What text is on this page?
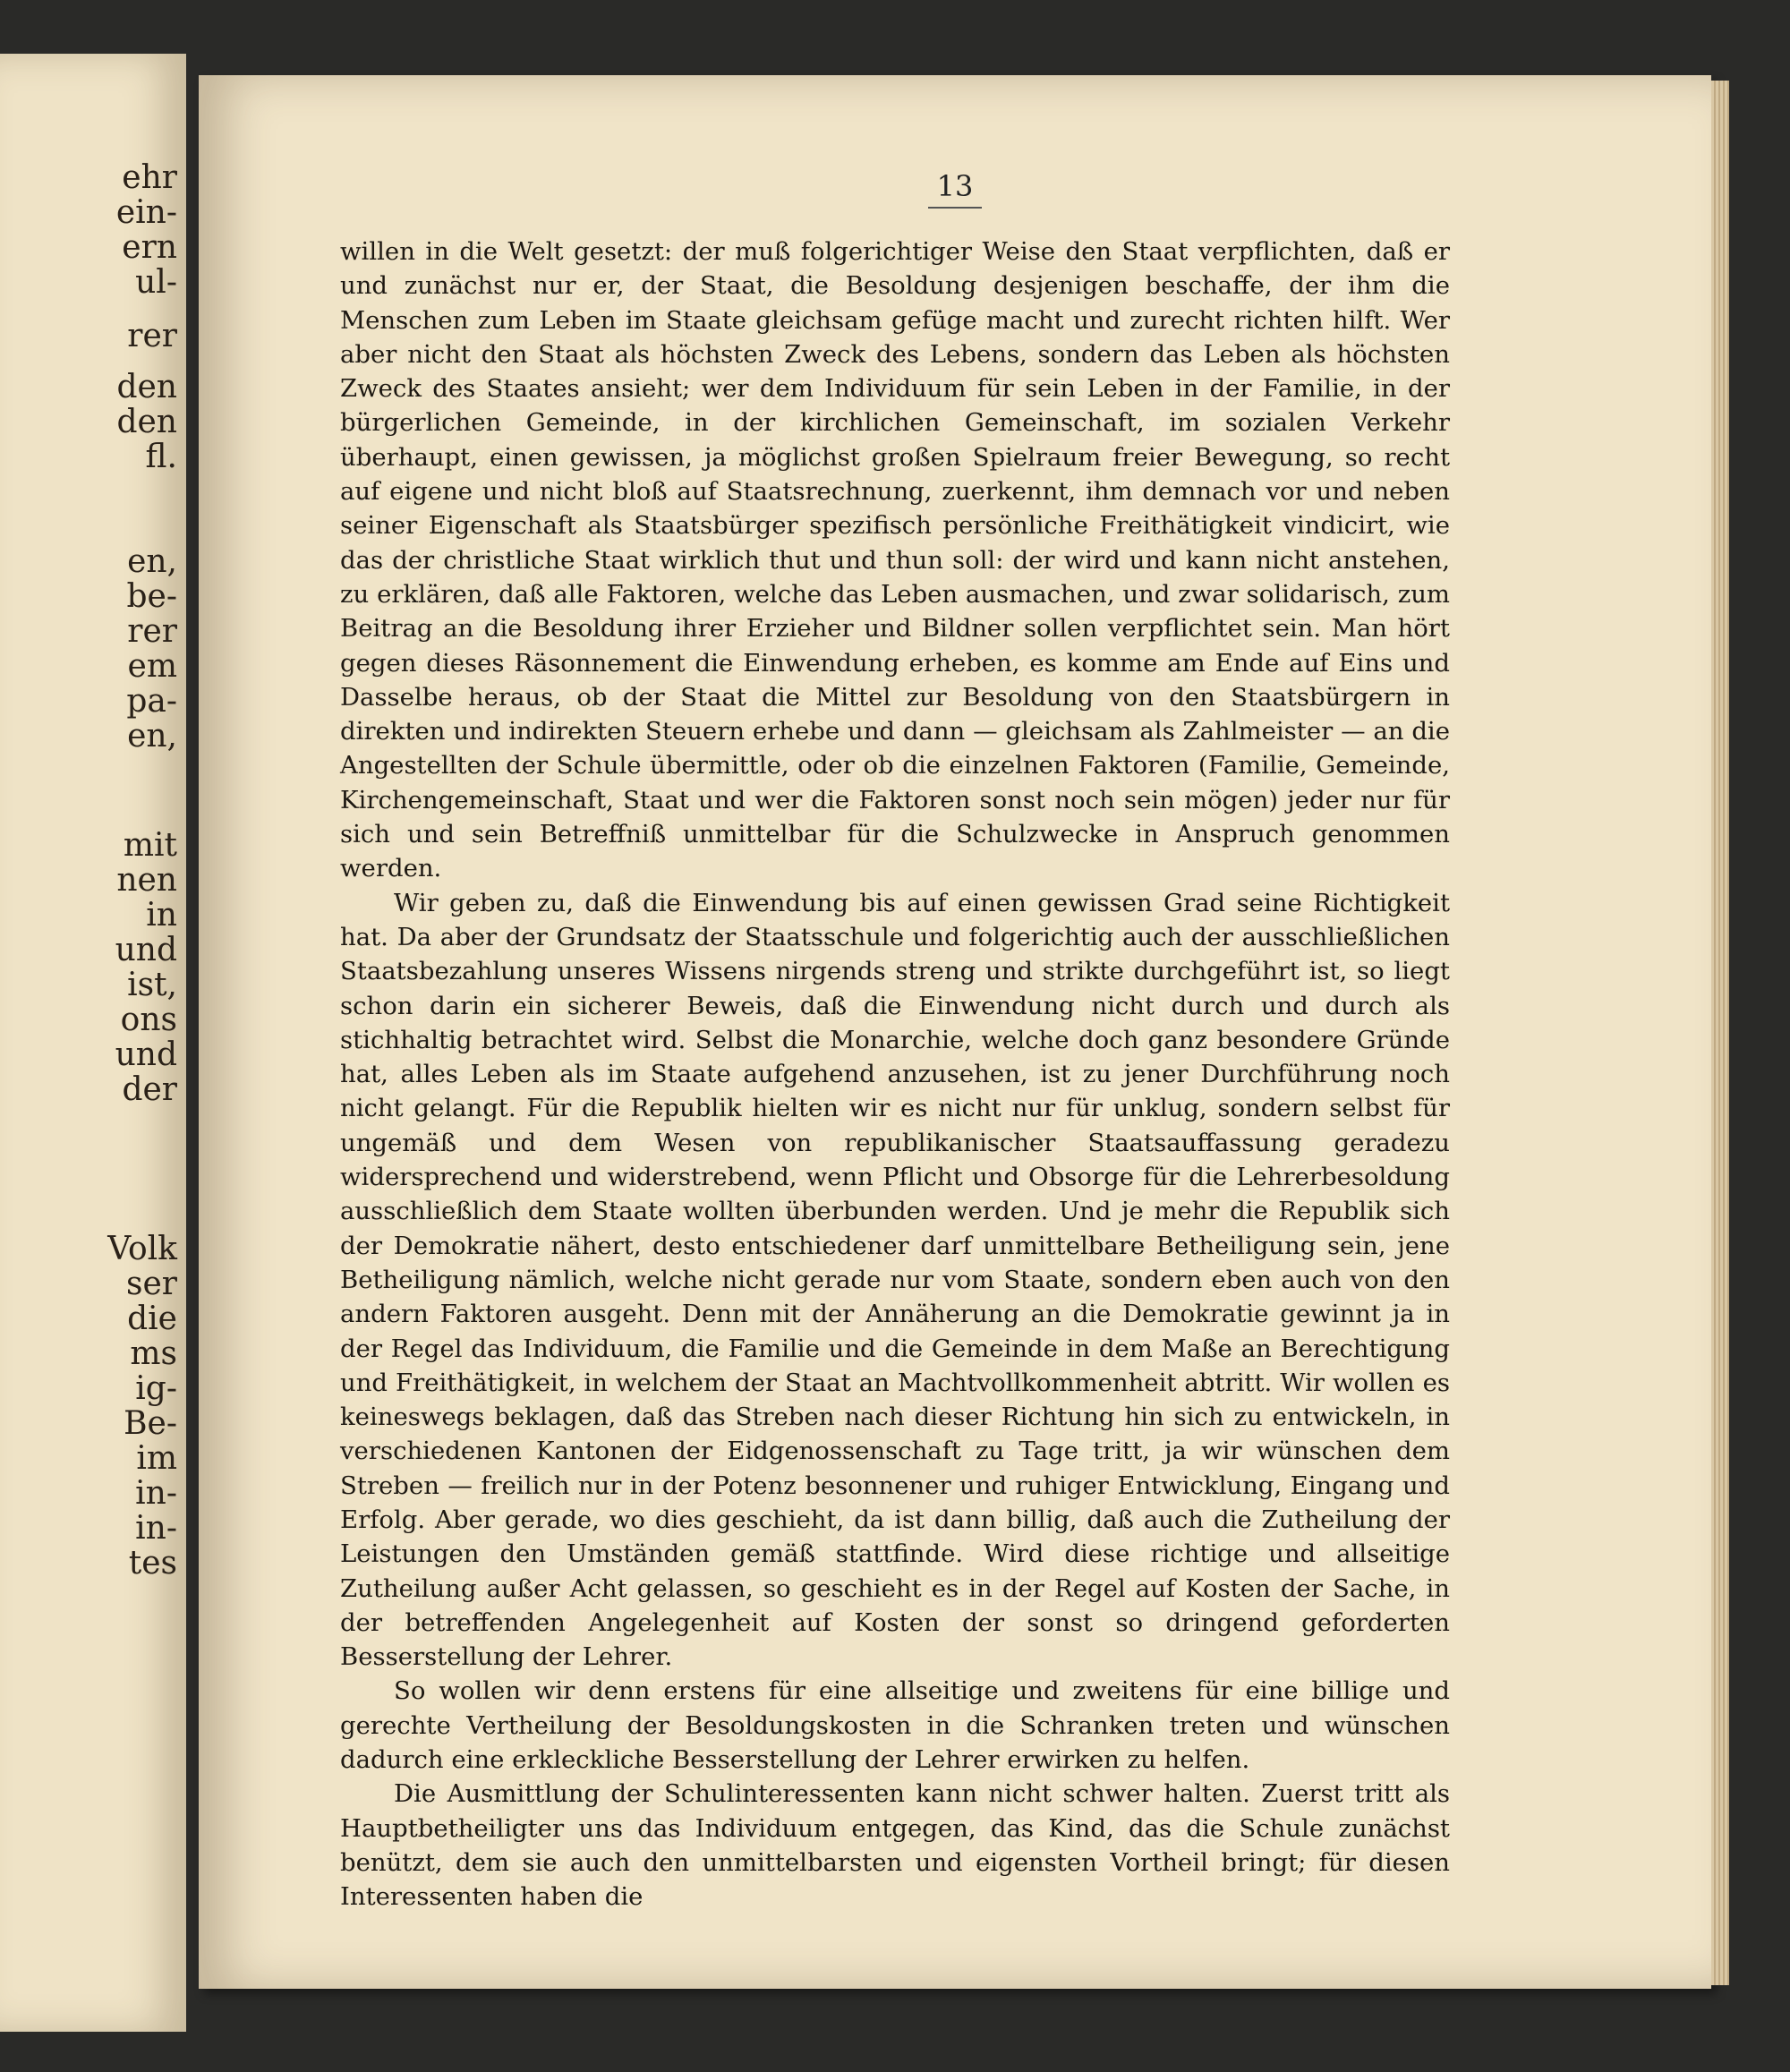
ehr
ein-
ern
ul-
rer
den
den
fl.
en,
be-
rer
em
pa-
en,
mit
nen
in
und
ist,
ons
und
der
Volk
ser
die
ms
ig-
Be-
im
in-
in-
tes
13

willen in die Welt gesetzt: der muß folgerichtiger Weise den Staat verpflichten, daß er und zunächst nur er, der Staat, die Besoldung desjenigen beschaffe, der ihm die Menschen zum Leben im Staate gleichsam gefüge macht und zurecht richten hilft. Wer aber nicht den Staat als höchsten Zweck des Lebens, sondern das Leben als höchsten Zweck des Staates ansieht; wer dem Individuum für sein Leben in der Familie, in der bürgerlichen Gemeinde, in der kirchlichen Gemeinschaft, im sozialen Verkehr überhaupt, einen gewissen, ja möglichst großen Spielraum freier Bewegung, so recht auf eigene und nicht bloß auf Staatsrechnung, zuerkennt, ihm demnach vor und neben seiner Eigenschaft als Staatsbürger spezifisch persönliche Freithätigkeit vindicirt, wie das der christliche Staat wirklich thut und thun soll: der wird und kann nicht anstehen, zu erklären, daß alle Faktoren, welche das Leben ausmachen, und zwar solidarisch, zum Beitrag an die Besoldung ihrer Erzieher und Bildner sollen verpflichtet sein. Man hört gegen dieses Räsonnement die Einwendung erheben, es komme am Ende auf Eins und Dasselbe heraus, ob der Staat die Mittel zur Besoldung von den Staatsbürgern in direkten und indirekten Steuern erhebe und dann — gleichsam als Zahlmeister — an die Angestellten der Schule übermittle, oder ob die einzelnen Faktoren (Familie, Gemeinde, Kirchengemeinschaft, Staat und wer die Faktoren sonst noch sein mögen) jeder nur für sich und sein Betreffniß unmittelbar für die Schulzwecke in Anspruch genommen werden.

Wir geben zu, daß die Einwendung bis auf einen gewissen Grad seine Richtigkeit hat. Da aber der Grundsatz der Staatsschule und folgerichtig auch der ausschließlichen Staatsbezahlung unseres Wissens nirgends streng und strikte durchgeführt ist, so liegt schon darin ein sicherer Beweis, daß die Einwendung nicht durch und durch als stichhaltig betrachtet wird. Selbst die Monarchie, welche doch ganz besondere Gründe hat, alles Leben als im Staate aufgehend anzusehen, ist zu jener Durchführung noch nicht gelangt. Für die Republik hielten wir es nicht nur für unklug, sondern selbst für ungemäß und dem Wesen von republikanischer Staatsauffassung geradezu widersprechend und widerstrebend, wenn Pflicht und Obsorge für die Lehrerbesoldung ausschließlich dem Staate wollten überbunden werden. Und je mehr die Republik sich der Demokratie nähert, desto entschiedener darf unmittelbare Betheiligung sein, jene Betheiligung nämlich, welche nicht gerade nur vom Staate, sondern eben auch von den andern Faktoren ausgeht. Denn mit der Annäherung an die Demokratie gewinnt ja in der Regel das Individuum, die Familie und die Gemeinde in dem Maße an Berechtigung und Freithätigkeit, in welchem der Staat an Machtvollkommenheit abtritt. Wir wollen es keineswegs beklagen, daß das Streben nach dieser Richtung hin sich zu entwickeln, in verschiedenen Kantonen der Eidgenossenschaft zu Tage tritt, ja wir wünschen dem Streben — freilich nur in der Potenz besonnener und ruhiger Entwicklung, Eingang und Erfolg. Aber gerade, wo dies geschieht, da ist dann billig, daß auch die Zutheilung der Leistungen den Umständen gemäß stattfinde. Wird diese richtige und allseitige Zutheilung außer Acht gelassen, so geschieht es in der Regel auf Kosten der Sache, in der betreffenden Angelegenheit auf Kosten der sonst so dringend geforderten Besserstellung der Lehrer.

So wollen wir denn erstens für eine allseitige und zweitens für eine billige und gerechte Vertheilung der Besoldungskosten in die Schranken treten und wünschen dadurch eine erkleckliche Besserstellung der Lehrer erwirken zu helfen.

Die Ausmittlung der Schulinteressenten kann nicht schwer halten. Zuerst tritt als Hauptbetheiligter uns das Individuum entgegen, das Kind, das die Schule zunächst benützt, dem sie auch den unmittelbarsten und eigensten Vortheil bringt; für diesen Interessenten haben die
